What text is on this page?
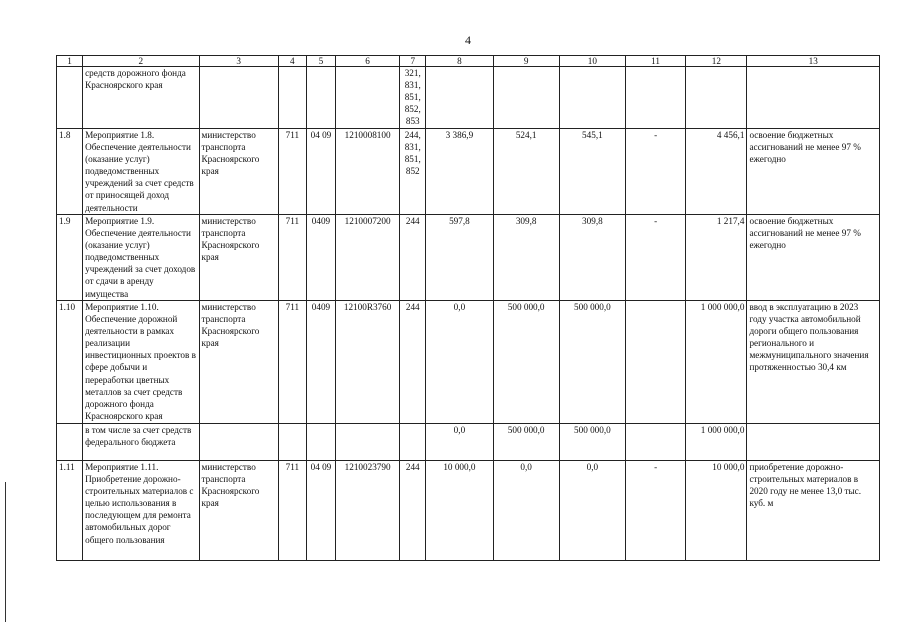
4
1	2	3	4	5	6	7	8	9	10	11	12	13
	средств дорожного фонда Красноярского края					321, 831, 851, 852, 853						
1.8	Мероприятие 1.8. Обеспечение деятельности (оказание услуг) подведомственных учреждений за счет средств от приносящей доход деятельности	министерство транспорта Красноярского края	711	04 09	1210008100	244, 831, 851, 852	3 386,9	524,1	545,1	-	4 456,1	освоение бюджетных ассигнований не менее 97 % ежегодно
1.9	Мероприятие 1.9. Обеспечение деятельности (оказание услуг) подведомственных учреждений за счет доходов от сдачи в аренду имущества	министерство транспорта Красноярского края	711	0409	1210007200	244	597,8	309,8	309,8	-	1 217,4	освоение бюджетных ассигнований не менее 97 % ежегодно
1.10	Мероприятие 1.10. Обеспечение дорожной деятельности в рамках реализации инвестиционных проектов в сфере добычи и переработки цветных металлов за счет средств дорожного фонда Красноярского края	министерство транспорта Красноярского края	711	0409	12100R3760	244	0,0	500 000,0	500 000,0		1 000 000,0	ввод в эксплуатацию в 2023 году участка автомобильной дороги общего пользования регионального и межмуниципального значения протяженностью 30,4 км
	в том числе за счет средств федерального бюджета						0,0	500 000,0	500 000,0		1 000 000,0	
1.11	Мероприятие 1.11. Приобретение дорожно-строительных материалов с целью использования в последующем для ремонта автомобильных дорог общего пользования	министерство транспорта Красноярского края	711	04 09	1210023790	244	10 000,0	0,0	0,0	-	10 000,0	приобретение дорожно-строительных материалов в 2020 году не менее 13,0 тыс. куб. м
